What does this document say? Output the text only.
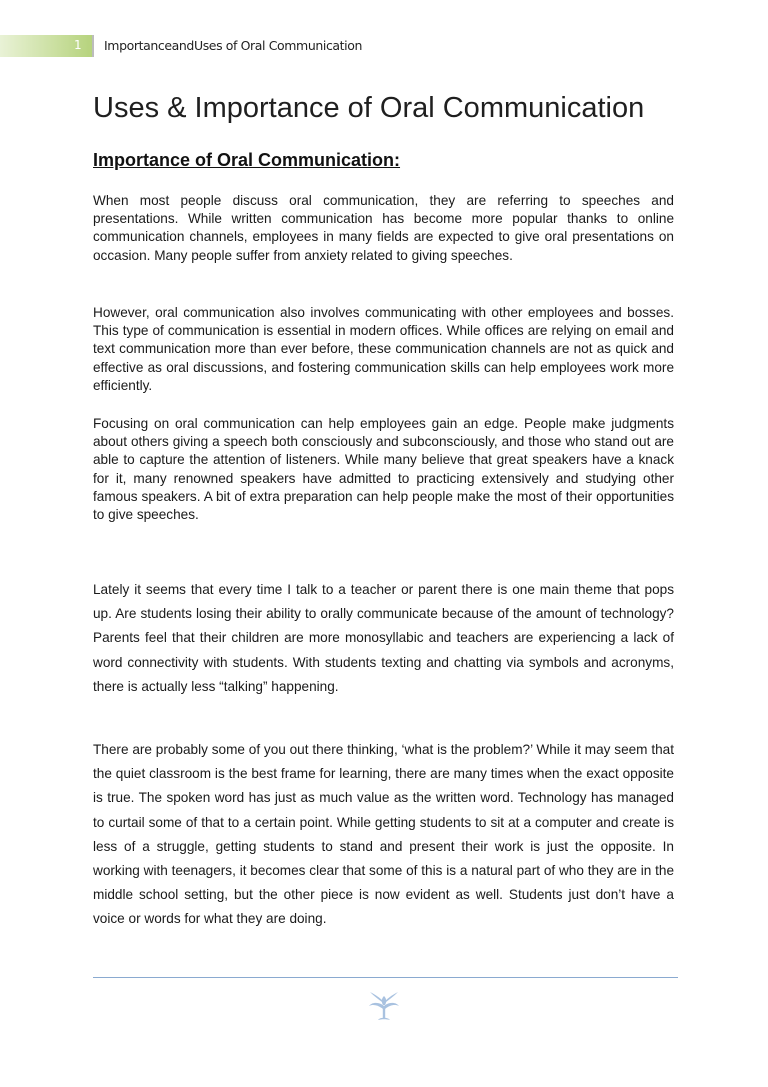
1 ImportanceandUses of Oral Communication
Uses & Importance of Oral Communication
Importance of Oral Communication:

When most people discuss oral communication, they are referring to speeches and presentations. While written communication has become more popular thanks to online communication channels, employees in many fields are expected to give oral presentations on occasion. Many people suffer from anxiety related to giving speeches.

However, oral communication also involves communicating with other employees and bosses. This type of communication is essential in modern offices. While offices are relying on email and text communication more than ever before, these communication channels are not as quick and effective as oral discussions, and fostering communication skills can help employees work more efficiently.

Focusing on oral communication can help employees gain an edge. People make judgments about others giving a speech both consciously and subconsciously, and those who stand out are able to capture the attention of listeners. While many believe that great speakers have a knack for it, many renowned speakers have admitted to practicing extensively and studying other famous speakers. A bit of extra preparation can help people make the most of their opportunities to give speeches.

Lately it seems that every time I talk to a teacher or parent there is one main theme that pops up. Are students losing their ability to orally communicate because of the amount of technology? Parents feel that their children are more monosyllabic and teachers are experiencing a lack of word connectivity with students. With students texting and chatting via symbols and acronyms, there is actually less “talking” happening.

There are probably some of you out there thinking, ‘what is the problem?’ While it may seem that the quiet classroom is the best frame for learning, there are many times when the exact opposite is true. The spoken word has just as much value as the written word. Technology has managed to curtail some of that to a certain point. While getting students to sit at a computer and create is less of a struggle, getting students to stand and present their work is just the opposite. In working with teenagers, it becomes clear that some of this is a natural part of who they are in the middle school setting, but the other piece is now evident as well. Students just don’t have a voice or words for what they are doing.
